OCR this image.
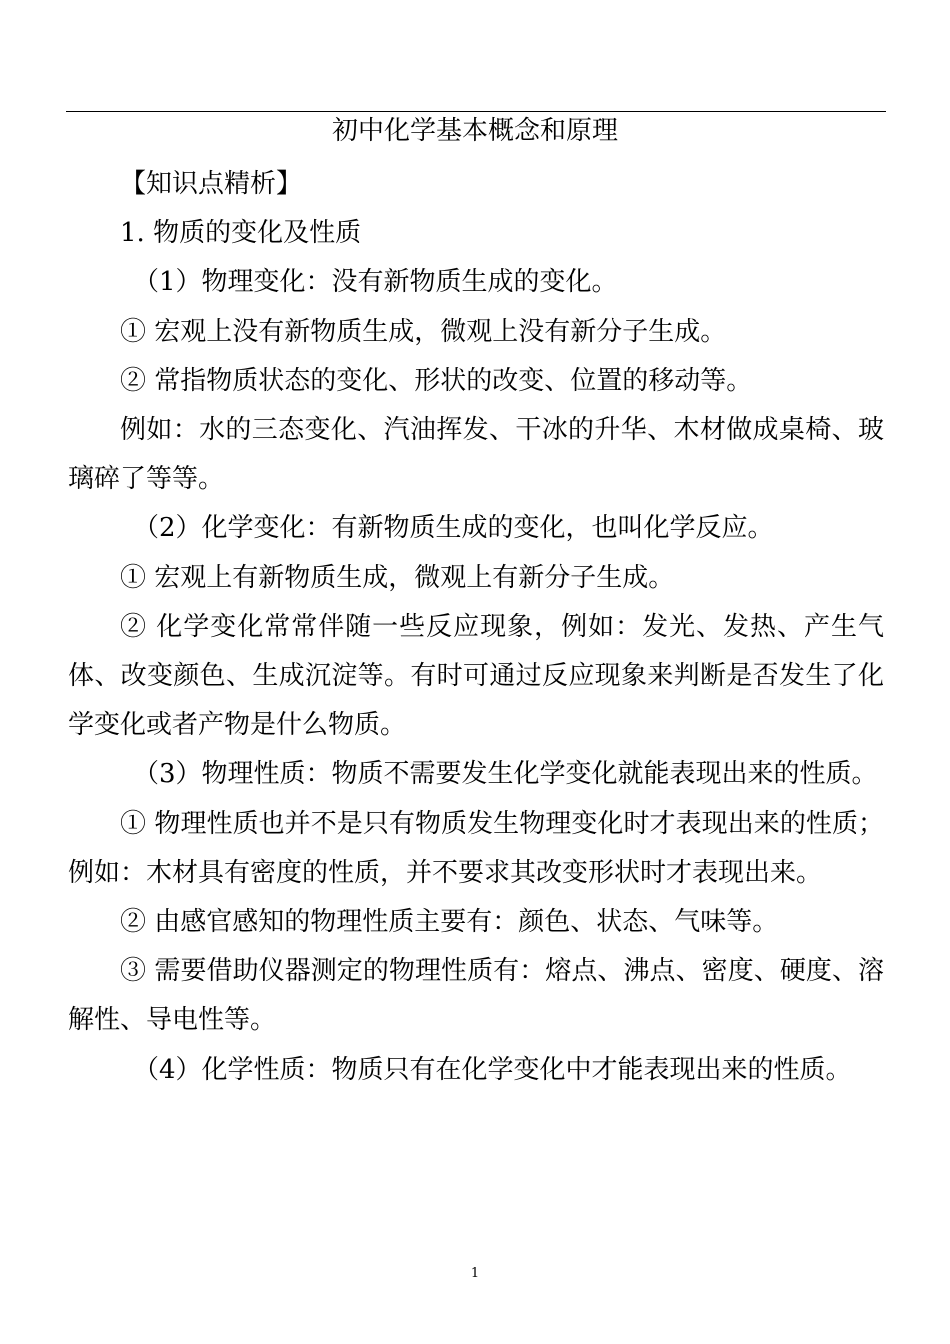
初中化学基本概念和原理

【知识点精析】

1. 物质的变化及性质

（1）物理变化：没有新物质生成的变化。

① 宏观上没有新物质生成，微观上没有新分子生成。

② 常指物质状态的变化、形状的改变、位置的移动等。

例如：水的三态变化、汽油挥发、干冰的升华、木材做成桌椅、玻璃碎了等等。

（2）化学变化：有新物质生成的变化，也叫化学反应。

① 宏观上有新物质生成，微观上有新分子生成。

② 化学变化常常伴随一些反应现象，例如：发光、发热、产生气体、改变颜色、生成沉淀等。有时可通过反应现象来判断是否发生了化学变化或者产物是什么物质。

（3）物理性质：物质不需要发生化学变化就能表现出来的性质。

① 物理性质也并不是只有物质发生物理变化时才表现出来的性质；例如：木材具有密度的性质，并不要求其改变形状时才表现出来。

② 由感官感知的物理性质主要有：颜色、状态、气味等。

③ 需要借助仪器测定的物理性质有：熔点、沸点、密度、硬度、溶解性、导电性等。

（4）化学性质：物质只有在化学变化中才能表现出来的性质。

1
